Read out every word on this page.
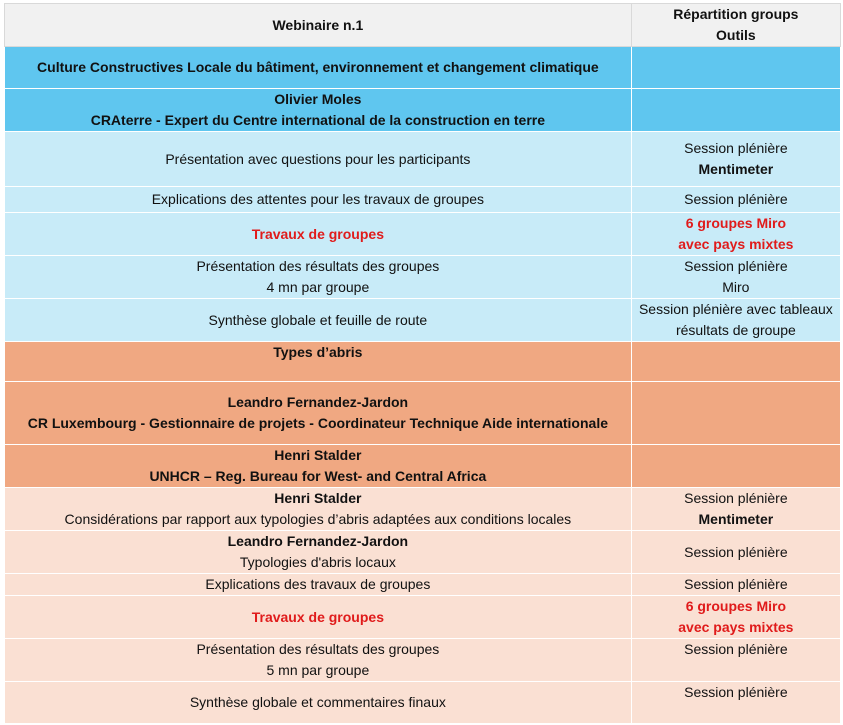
Webinaire n.1	Répartition groups
Outils

Culture Constructives Locale du bâtiment, environnement et changement climatique	

Olivier Moles
CRAterre - Expert du Centre international de la construction en terre	

Présentation avec questions pour les participants	Session plénière
Mentimeter

Explications des attentes pour les travaux de groupes	Session plénière
Travaux de groupes	6 groupes Miro
avec pays mixtes

Présentation des résultats des groupes
4 mn par groupe	Session plénière
Miro

Synthèse globale et feuille de route	Session plénière avec tableaux résultats de groupe
Types d’abris	

Leandro Fernandez-Jardon
CR Luxembourg - Gestionnaire de projets - Coordinateur Technique Aide internationale	

Henri Stalder
UNHCR – Reg. Bureau for West- and Central Africa	

Henri Stalder
Considérations par rapport aux typologies d’abris adaptées aux conditions locales	Session plénière
Mentimeter

Leandro Fernandez-Jardon
Typologies d'abris locaux	Session plénière
Explications des travaux de groupes	Session plénière
Travaux de groupes	6 groupes Miro
avec pays mixtes

Présentation des résultats des groupes
5 mn par groupe	Session plénière
Synthèse globale et commentaires finaux	Session plénière
